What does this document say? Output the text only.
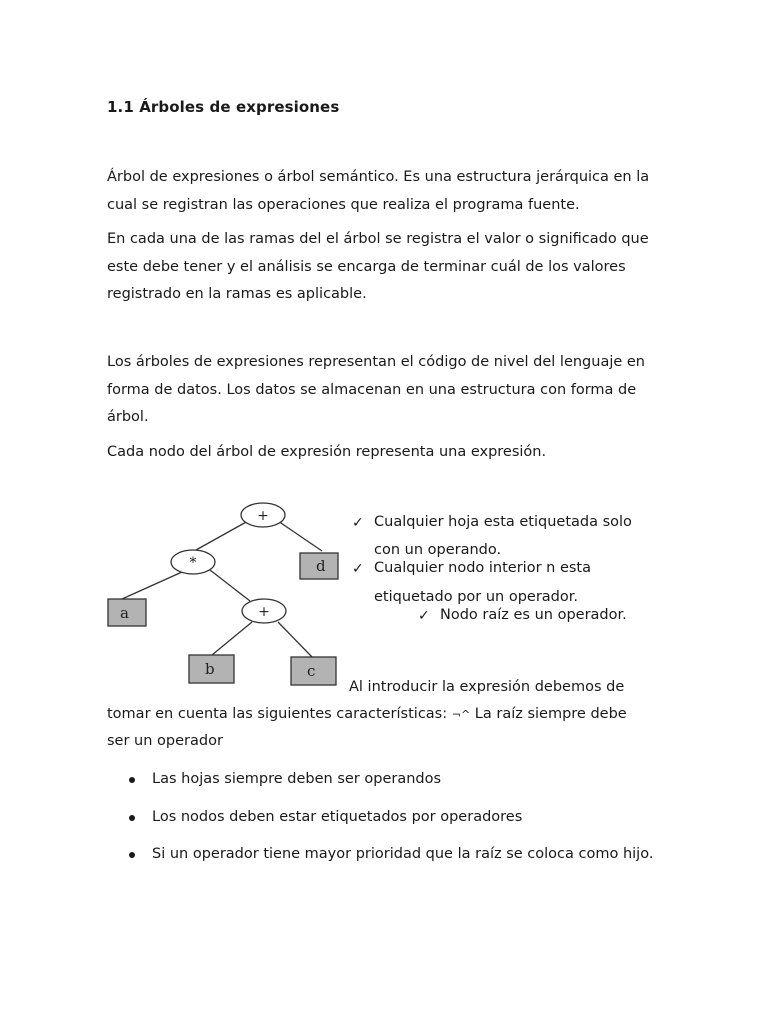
1.1 Árboles de expresiones
Árbol de expresiones o árbol semántico. Es una estructura jerárquica en la cual se registran las operaciones que realiza el programa fuente.
En cada una de las ramas del el árbol se registra el valor o significado que este debe tener y el análisis se encarga de terminar cuál de los valores registrado en la ramas es aplicable.
Los árboles de expresiones representan el código de nivel del lenguaje en forma de datos. Los datos se almacenan en una estructura con forma de árbol.
Cada nodo del árbol de expresión representa una expresión.
+
*
+
a
d
b	c
✓ Cualquier hoja esta etiquetada solo
con un operando.
✓ Cualquier nodo interior n esta
etiquetado por un operador.
✓ Nodo raíz es un operador.
Al introducir la expresión debemos de
tomar en cuenta las siguientes características: ¬^ La raíz siempre debe
ser un operador
Las hojas siempre deben ser operandos
Los nodos deben estar etiquetados por operadores
Si un operador tiene mayor prioridad que la raíz se coloca como hijo.
